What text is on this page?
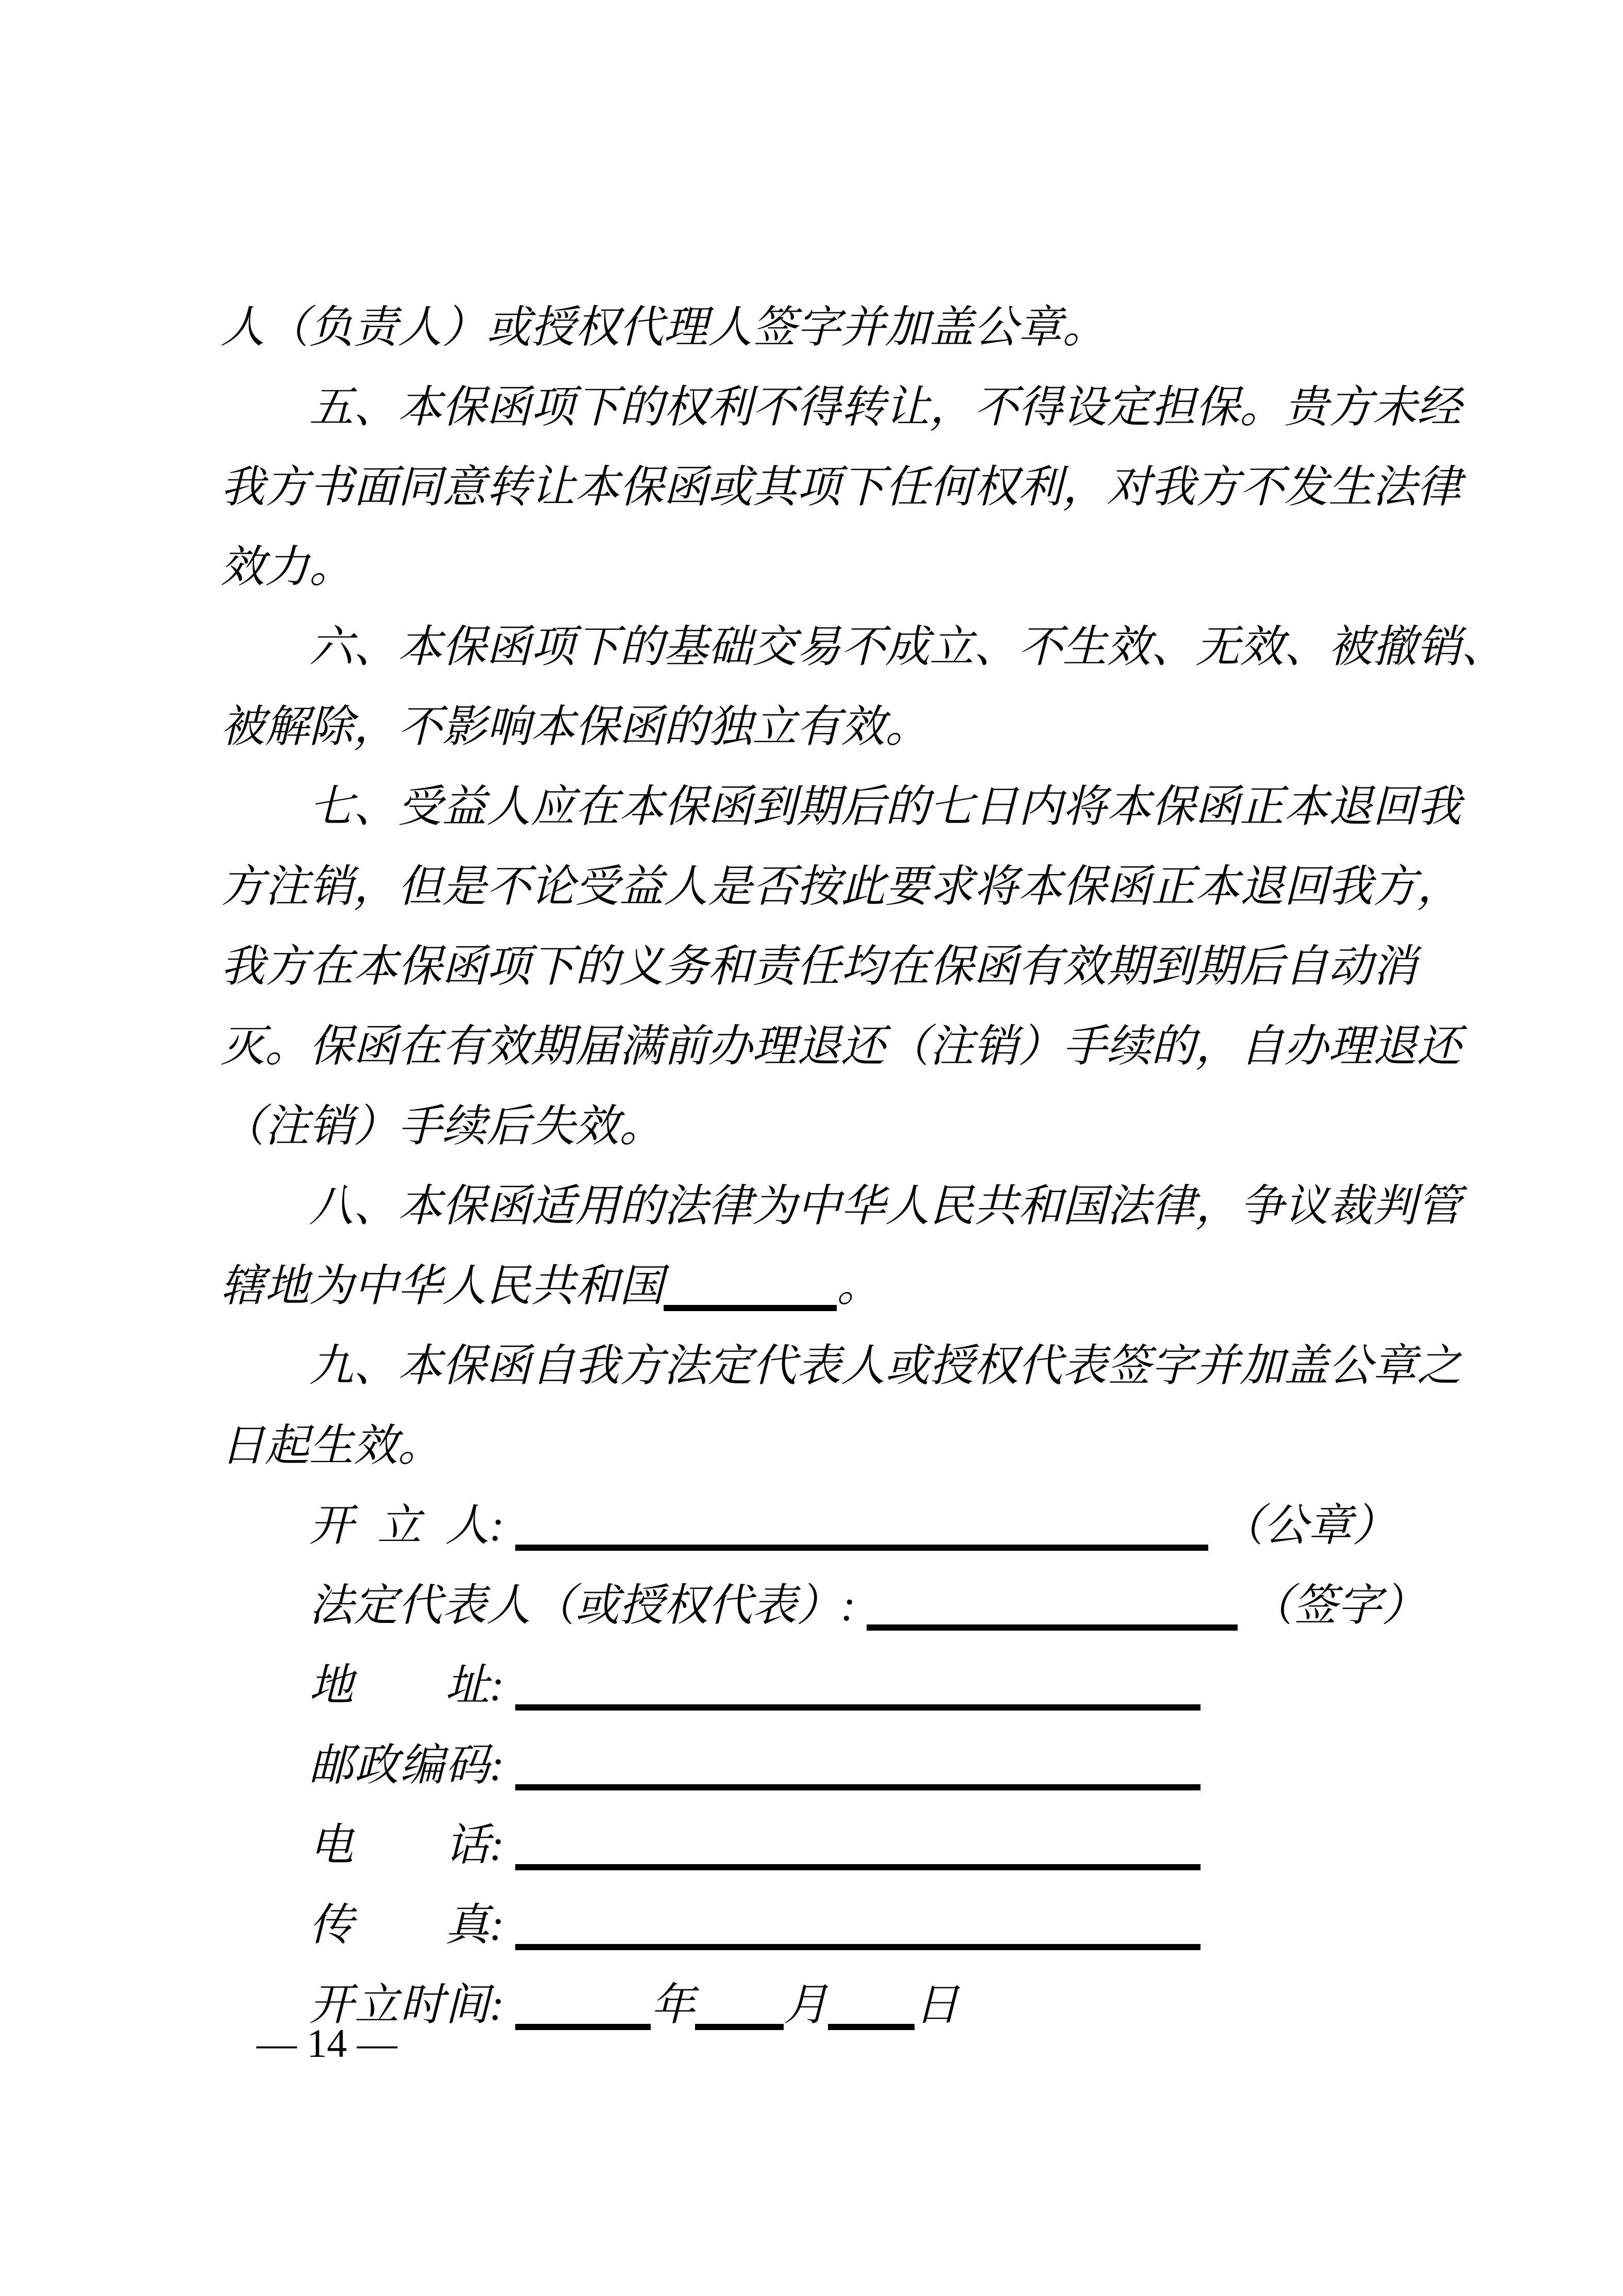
人（负责人）或授权代理人签字并加盖公章。
五、本保函项下的权利不得转让，不得设定担保。贵方未经
我方书面同意转让本保函或其项下任何权利，对我方不发生法律
效力。
六、本保函项下的基础交易不成立、不生效、无效、被撤销、
被解除，不影响本保函的独立有效。
七、受益人应在本保函到期后的七日内将本保函正本退回我
方注销，但是不论受益人是否按此要求将本保函正本退回我方，
我方在本保函项下的义务和责任均在保函有效期到期后自动消
灭。保函在有效期届满前办理退还（注销）手续的，自办理退还
（注销）手续后失效。
八、本保函适用的法律为中华人民共和国法律，争议裁判管
辖地为中华人民共和国	。
九、本保函自我方法定代表人或授权代表签字并加盖公章之
日起生效。
开立人:	（公章）
法定代表人（或授权代表）:	（签字）
地址:
邮政编码:
电话:
传真:
开立时间:	年 月 日
— 14 —
